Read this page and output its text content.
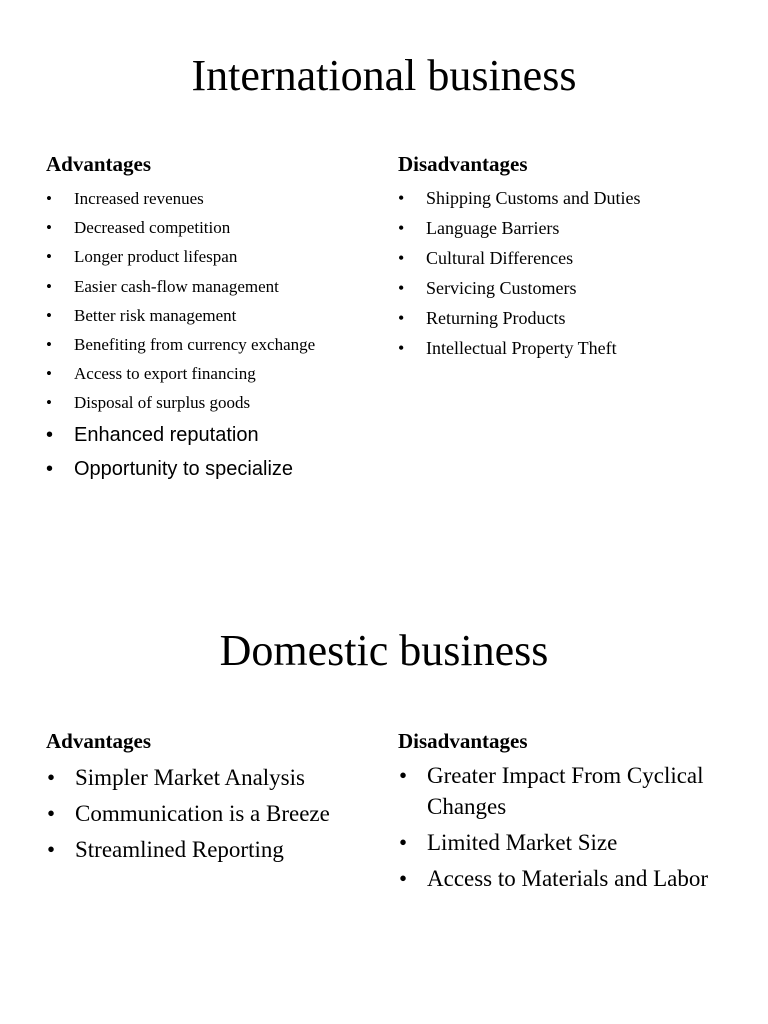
International business
Advantages
• Increased revenues
• Decreased competition
• Longer product lifespan
• Easier cash-flow management
• Better risk management
• Benefiting from currency exchange
• Access to export financing
• Disposal of surplus goods
• Enhanced reputation
• Opportunity to specialize
Disadvantages
• Shipping Customs and Duties
• Language Barriers
• Cultural Differences
• Servicing Customers
• Returning Products
• Intellectual Property Theft
Domestic business
Advantages
• Simpler Market Analysis
• Communication is a Breeze
• Streamlined Reporting
Disadvantages
• Greater Impact From Cyclical Changes
• Limited Market Size
• Access to Materials and Labor
